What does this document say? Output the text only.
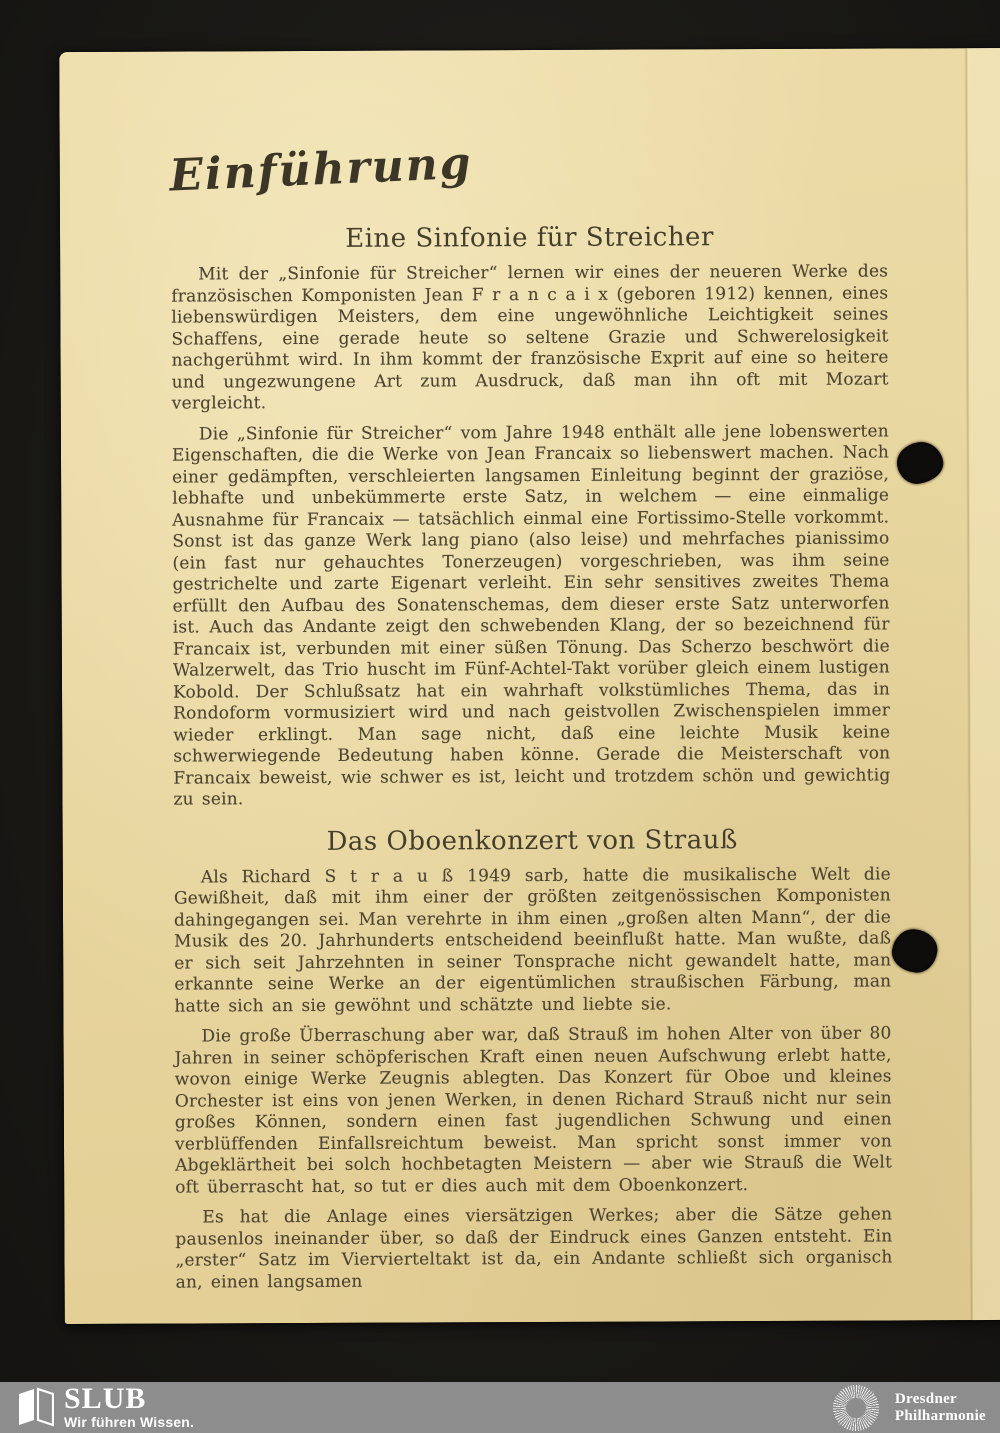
Einführung
Eine Sinfonie für Streicher

Mit der „Sinfonie für Streicher“ lernen wir eines der neueren Werke des französischen Komponisten Jean F r a n c a i x (geboren 1912) kennen, eines liebenswürdigen Meisters, dem eine ungewöhnliche Leichtigkeit seines Schaffens, eine gerade heute so seltene Grazie und Schwerelosigkeit nachgerühmt wird. In ihm kommt der französische Exprit auf eine so heitere und ungezwungene Art zum Ausdruck, daß man ihn oft mit Mozart vergleicht.

Die „Sinfonie für Streicher“ vom Jahre 1948 enthält alle jene lobenswerten Eigenschaften, die die Werke von Jean Francaix so liebenswert machen. Nach einer gedämpften, verschleierten langsamen Einleitung beginnt der graziöse, lebhafte und unbekümmerte erste Satz, in welchem — eine einmalige Ausnahme für Francaix — tatsächlich einmal eine Fortissimo-Stelle vorkommt. Sonst ist das ganze Werk lang piano (also leise) und mehrfaches pianissimo (ein fast nur gehauchtes Tonerzeugen) vorgeschrieben, was ihm seine gestrichelte und zarte Eigenart verleiht. Ein sehr sensitives zweites Thema erfüllt den Aufbau des Sonatenschemas, dem dieser erste Satz unterworfen ist. Auch das Andante zeigt den schwebenden Klang, der so bezeichnend für Francaix ist, verbunden mit einer süßen Tönung. Das Scherzo beschwört die Walzerwelt, das Trio huscht im Fünf-Achtel-Takt vorüber gleich einem lustigen Kobold. Der Schlußsatz hat ein wahrhaft volkstümliches Thema, das in Rondoform vormusiziert wird und nach geistvollen Zwischenspielen immer wieder erklingt. Man sage nicht, daß eine leichte Musik keine schwerwiegende Bedeutung haben könne. Gerade die Meisterschaft von Francaix beweist, wie schwer es ist, leicht und trotzdem schön und gewichtig zu sein.

Das Oboenkonzert von Strauß

Als Richard S t r a u ß 1949 sarb, hatte die musikalische Welt die Gewißheit, daß mit ihm einer der größten zeitgenössischen Komponisten dahingegangen sei. Man verehrte in ihm einen „großen alten Mann“, der die Musik des 20. Jahrhunderts entscheidend beeinflußt hatte. Man wußte, daß er sich seit Jahrzehnten in seiner Tonsprache nicht gewandelt hatte, man erkannte seine Werke an der eigentümlichen straußischen Färbung, man hatte sich an sie gewöhnt und schätzte und liebte sie.

Die große Überraschung aber war, daß Strauß im hohen Alter von über 80 Jahren in seiner schöpferischen Kraft einen neuen Aufschwung erlebt hatte, wovon einige Werke Zeugnis ablegten. Das Konzert für Oboe und kleines Orchester ist eins von jenen Werken, in denen Richard Strauß nicht nur sein großes Können, sondern einen fast jugendlichen Schwung und einen verblüffenden Einfallsreichtum beweist. Man spricht sonst immer von Abgeklärtheit bei solch hochbetagten Meistern — aber wie Strauß die Welt oft überrascht hat, so tut er dies auch mit dem Oboenkonzert.

Es hat die Anlage eines viersätzigen Werkes; aber die Sätze gehen pausenlos ineinander über, so daß der Eindruck eines Ganzen entsteht. Ein „erster“ Satz im Viervierteltakt ist da, ein Andante schließt sich organisch an, einen langsamen

SLUB
Wir führen Wissen.
Dresdner
Philharmonie
